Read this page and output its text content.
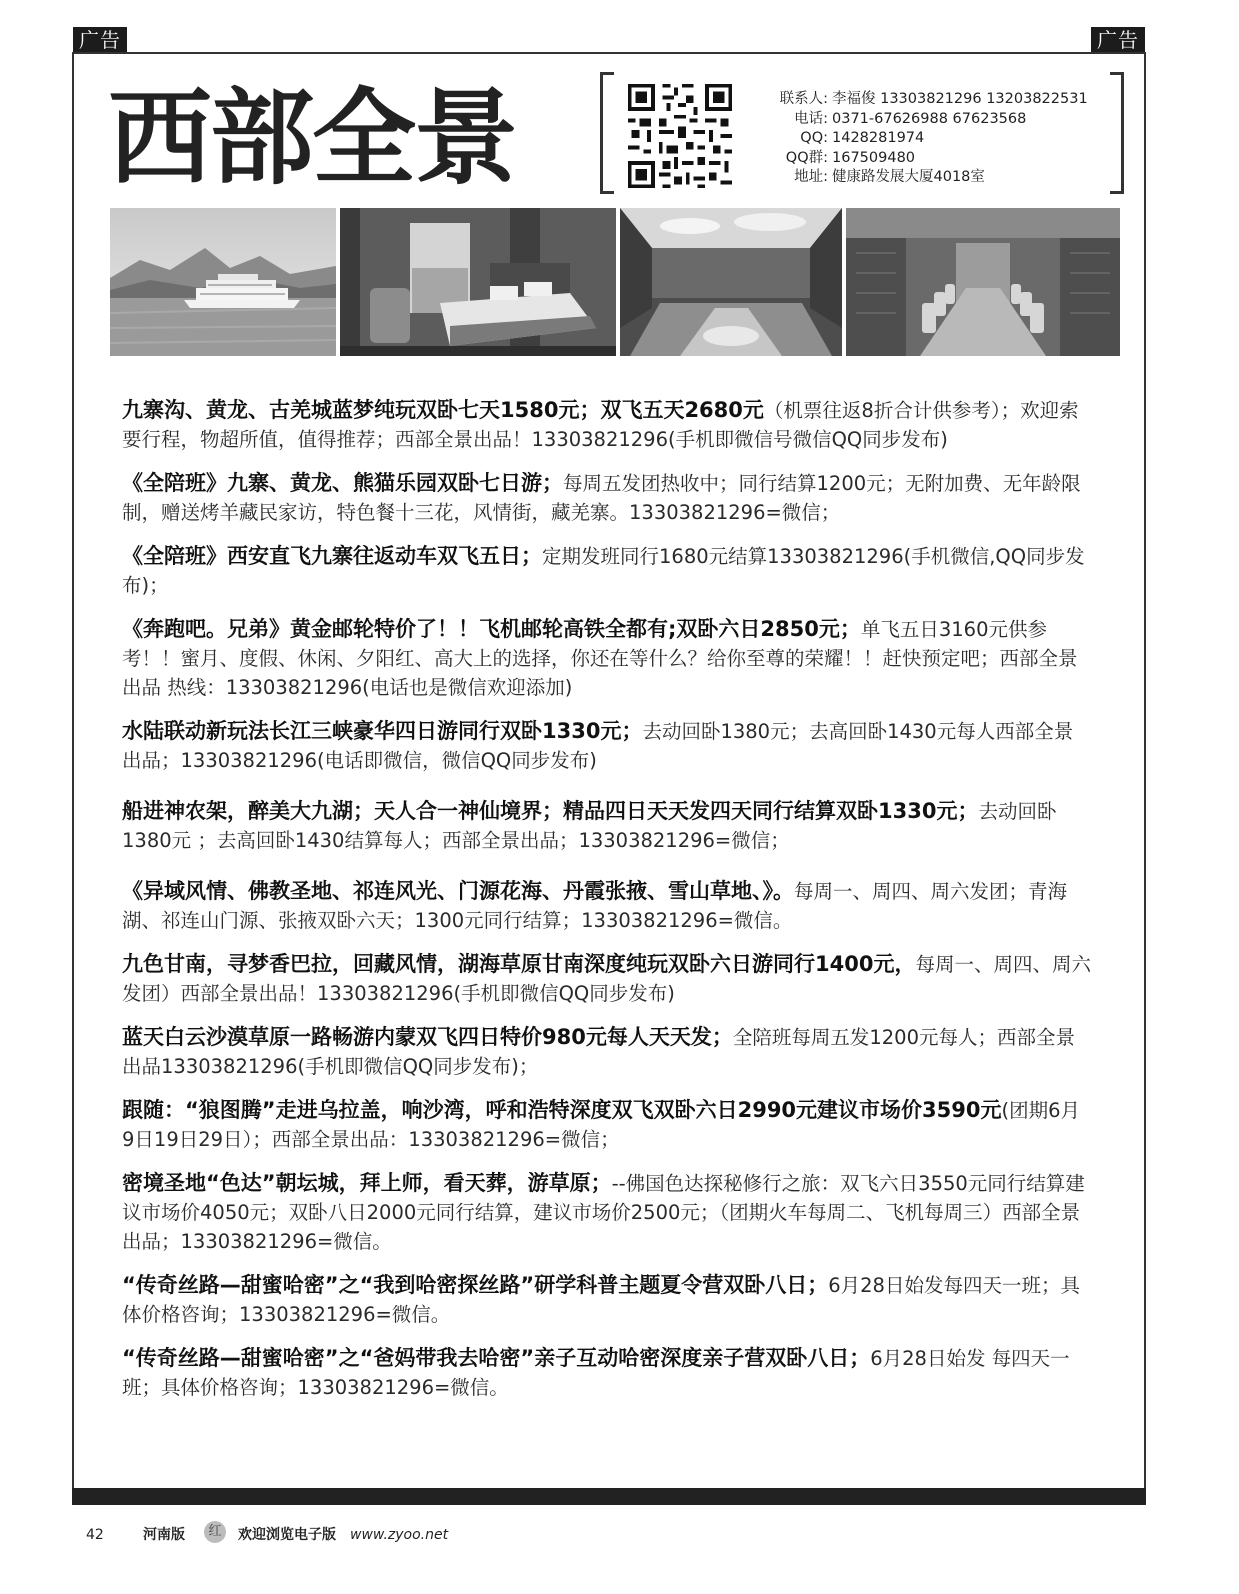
广告	广告
西部全景	联系人: 李福俊 13303821296 13203822531
电话: 0371-67626988 67623568
QQ: 1428281974
QQ群: 167509480
地址: 健康路发展大厦4018室
九寨沟、黄龙、古羌城蓝梦纯玩双卧七天1580元；双飞五天2680元（机票往返8折合计供参考）；欢迎索要行程，物超所值，值得推荐；西部全景出品！13303821296(手机即微信号微信QQ同步发布)
《全陪班》九寨、黄龙、熊猫乐园双卧七日游；每周五发团热收中；同行结算1200元；无附加费、无年龄限制，赠送烤羊藏民家访，特色餐十三花，风情街，藏羌寨。13303821296=微信；
《全陪班》西安直飞九寨往返动车双飞五日；定期发班同行1680元结算13303821296(手机微信,QQ同步发布)；
《奔跑吧。兄弟》黄金邮轮特价了！！飞机邮轮高铁全都有;双卧六日2850元；单飞五日3160元供参考！！蜜月、度假、休闲、夕阳红、高大上的选择，你还在等什么？给你至尊的荣耀！！赶快预定吧；西部全景出品 热线：13303821296(电话也是微信欢迎添加)
水陆联动新玩法长江三峡豪华四日游同行双卧1330元；去动回卧1380元；去高回卧1430元每人西部全景出品；13303821296(电话即微信，微信QQ同步发布)
船进神农架，醉美大九湖；天人合一神仙境界；精品四日天天发四天同行结算双卧1330元；去动回卧1380元 ；去高回卧1430结算每人；西部全景出品；13303821296=微信；
《异域风情、佛教圣地、祁连风光、门源花海、丹霞张掖、雪山草地、》。每周一、周四、周六发团；青海湖、祁连山门源、张掖双卧六天；1300元同行结算；13303821296=微信。
九色甘南，寻梦香巴拉，回藏风情，湖海草原甘南深度纯玩双卧六日游同行1400元，每周一、周四、周六发团）西部全景出品！13303821296(手机即微信QQ同步发布)
蓝天白云沙漠草原一路畅游内蒙双飞四日特价980元每人天天发；全陪班每周五发1200元每人；西部全景出品13303821296(手机即微信QQ同步发布)；
跟随：“狼图腾”走进乌拉盖，响沙湾，呼和浩特深度双飞双卧六日2990元建议市场价3590元(团期6月9日19日29日）；西部全景出品：13303821296=微信；
密境圣地“色达”朝坛城，拜上师，看天葬，游草原；--佛国色达探秘修行之旅：双飞六日3550元同行结算建议市场价4050元；双卧八日2000元同行结算，建议市场价2500元；（团期火车每周二、飞机每周三）西部全景出品；13303821296=微信。
“传奇丝路—甜蜜哈密”之“我到哈密探丝路”研学科普主题夏令营双卧八日；6月28日始发每四天一班；具体价格咨询；13303821296=微信。
“传奇丝路—甜蜜哈密”之“爸妈带我去哈密”亲子互动哈密深度亲子营双卧八日；6月28日始发 每四天一班；具体价格咨询；13303821296=微信。
42	河南版	红	欢迎浏览电子版 www.zyoo.net
